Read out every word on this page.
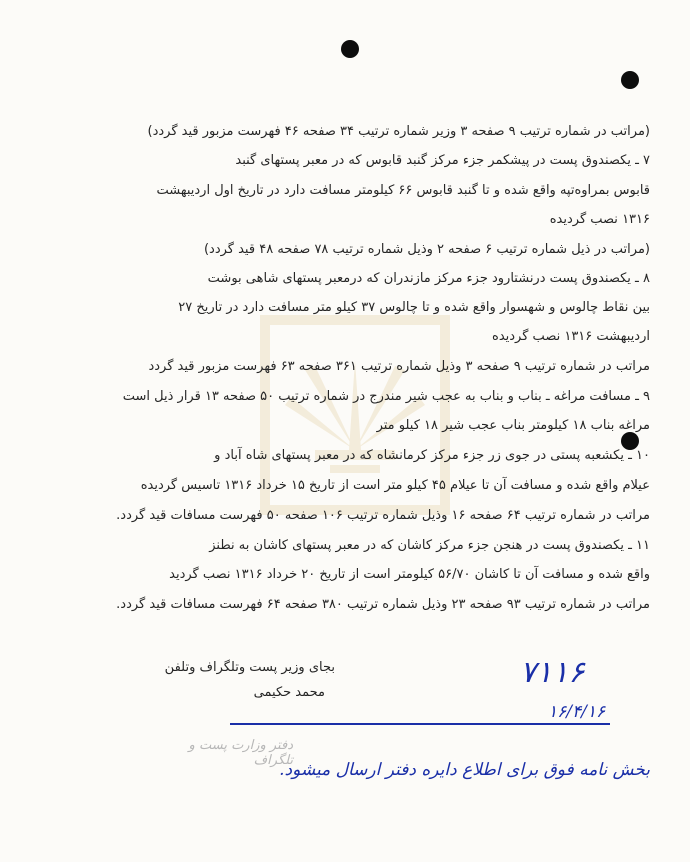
(مراتب در شماره ترتیب ۹ صفحه ۳ وزیر شماره ترتیب ۳۴ صفحه ۴۶ فهرست مزبور قید گردد)
۷ ـ یکصندوق پست در پیشکمر جزء مرکز گنبد قابوس که در معبر پستهای گنبد
قابوس بمراوه‌تپه واقع شده و تا گنبد قابوس ۶۶ کیلومتر مسافت دارد در تاریخ اول اردیبهشت
۱۳۱۶ نصب گردیده
(مراتب در ذیل شماره ترتیب ۶ صفحه ۲ وذیل شماره ترتیب ۷۸ صفحه ۴۸ قید گردد)
۸ ـ یکصندوق پست درنشتارود جزء مرکز مازندران که درمعبر پستهای شاهی بوشت
بین نقاط چالوس و شهسوار واقع شده و تا چالوس ۳۷ کیلو متر مسافت دارد در تاریخ ۲۷
اردیبهشت ۱۳۱۶ نصب گردیده
مراتب در شماره ترتیب ۹ صفحه ۳ وذیل شماره ترتیب ۳۶۱ صفحه ۶۳ فهرست مزبور قید گردد
۹ ـ مسافت مراغه ـ بناب و بناب به عجب شیر مندرج در شماره ترتیب ۵۰ صفحه ۱۳ قرار ذیل است
مراغه بناب ۱۸ کیلومتر بناب عجب شیر ۱۸ کیلو متر
۱۰ ـ یکشعبه پستی در جوی زر جزء مرکز کرمانشاه که در معبر پستهای شاه آباد و
عیلام واقع شده و مسافت آن تا عیلام ۴۵ کیلو متر است از تاریخ ۱۵ خرداد ۱۳۱۶ تاسیس گردیده
مراتب در شماره ترتیب ۶۴ صفحه ۱۶ وذیل شماره ترتیب ۱۰۶ صفحه ۵۰ فهرست مسافات قید گردد.
۱۱ ـ یکصندوق پست در هنجن جزء مرکز کاشان که در معبر پستهای کاشان به نطنز
واقع شده و مسافت آن تا کاشان ۵۶/۷۰ کیلومتر است از تاریخ ۲۰ خرداد ۱۳۱۶ نصب گردید
مراتب در شماره ترتیب ۹۳ صفحه ۲۳ وذیل شماره ترتیب ۳۸۰ صفحه ۶۴ فهرست مسافات قید گردد.
بجای وزیر پست وتلگراف وتلفن
محمد حکیمی
۷۱۱۶
۱۶/۴/۱۶
بخش نامه فوق برای اطلاع دایره دفتر ارسال میشود.
دفتر وزارت پست و تلگراف
